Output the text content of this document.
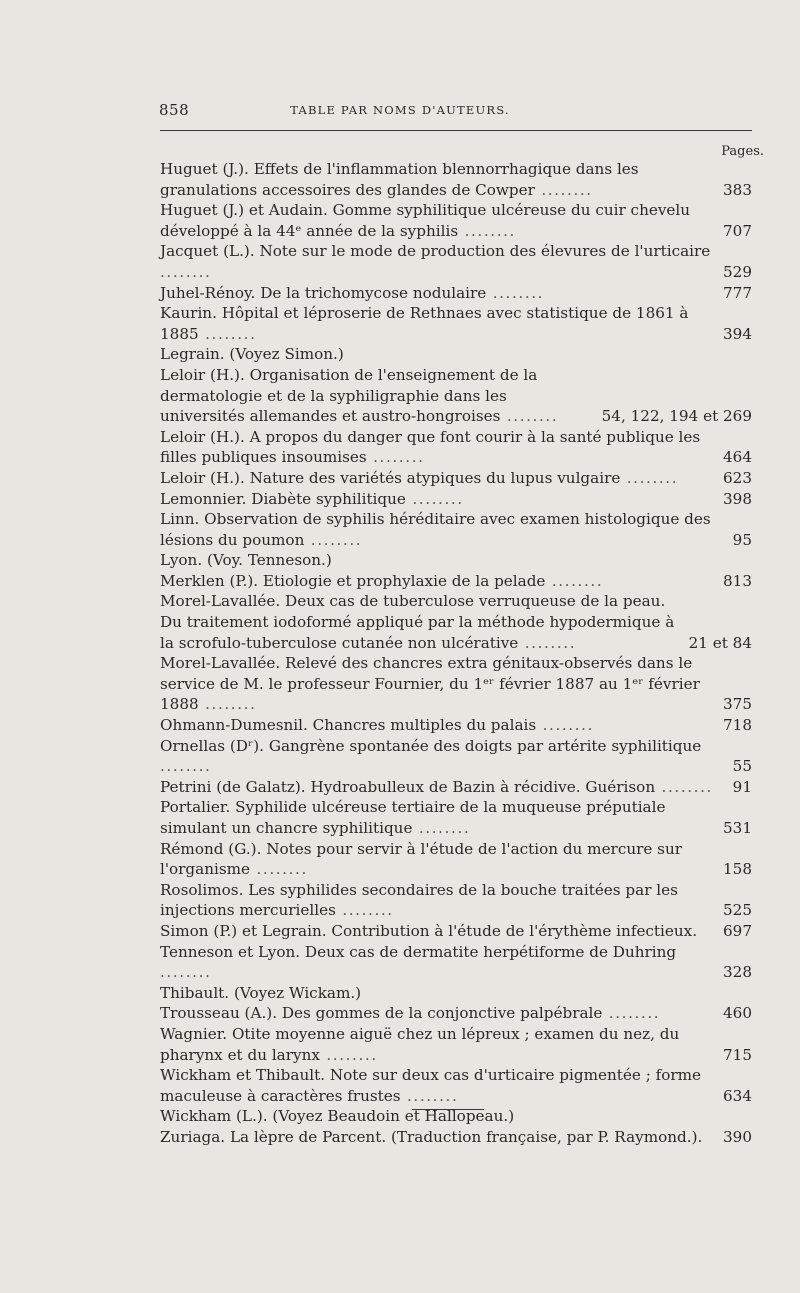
858	TABLE PAR NOMS D'AUTEURS.
Pages.
Huguet (J.). Effets de l'inflammation blennorrhagique dans les granulations accessoires des glandes de Cowper ........	383
Huguet (J.) et Audain. Gomme syphilitique ulcéreuse du cuir chevelu développé à la 44ᵉ année de la syphilis ........	707
Jacquet (L.). Note sur le mode de production des élevures de l'urticaire ........	529
Juhel-Rénoy. De la trichomycose nodulaire ........	777
Kaurin. Hôpital et léproserie de Rethnaes avec statistique de 1861 à 1885 ........	394
Legrain. (Voyez Simon.)
Leloir (H.). Organisation de l'enseignement de la dermatologie et de la syphiligraphie dans les universités allemandes et austro-hongroises ........	54, 122, 194 et 269
Leloir (H.). A propos du danger que font courir à la santé publique les filles publiques insoumises ........	464
Leloir (H.). Nature des variétés atypiques du lupus vulgaire ........	623
Lemonnier. Diabète syphilitique ........	398
Linn. Observation de syphilis héréditaire avec examen histologique des lésions du poumon ........	95
Lyon. (Voy. Tenneson.)
Merklen (P.). Etiologie et prophylaxie de la pelade ........	813
Morel-Lavallée. Deux cas de tuberculose verruqueuse de la peau. Du traitement iodoformé appliqué par la méthode hypodermique à la scrofulo-tuberculose cutanée non ulcérative ........	21 et 84
Morel-Lavallée. Relevé des chancres extra génitaux-observés dans le service de M. le professeur Fournier, du 1ᵉʳ février 1887 au 1ᵉʳ février 1888 ........	375
Ohmann-Dumesnil. Chancres multiples du palais ........	718
Ornellas (Dʳ). Gangrène spontanée des doigts par artérite syphilitique ........	55
Petrini (de Galatz). Hydroabulleux de Bazin à récidive. Guérison ........	91
Portalier. Syphilide ulcéreuse tertiaire de la muqueuse préputiale simulant un chancre syphilitique ........	531
Rémond (G.). Notes pour servir à l'étude de l'action du mercure sur l'organisme ........	158
Rosolimos. Les syphilides secondaires de la bouche traitées par les injections mercurielles ........	525
Simon (P.) et Legrain. Contribution à l'étude de l'érythème infectieux.	697
Tenneson et Lyon. Deux cas de dermatite herpétiforme de Duhring ........	328
Thibault. (Voyez Wickam.)
Trousseau (A.). Des gommes de la conjonctive palpébrale ........	460
Wagnier. Otite moyenne aiguë chez un lépreux ; examen du nez, du pharynx et du larynx ........	715
Wickham et Thibault. Note sur deux cas d'urticaire pigmentée ; forme maculeuse à caractères frustes ........	634
Wickham (L.). (Voyez Beaudoin et Hallopeau.)
Zuriaga. La lèpre de Parcent. (Traduction française, par P. Raymond.).	390
